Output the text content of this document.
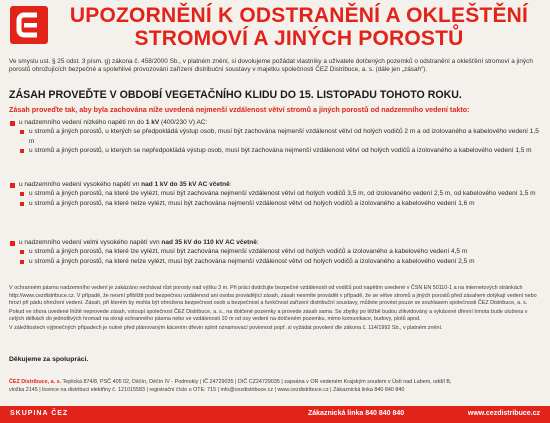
UPOZORNĚNÍ K ODSTRANĚNÍ A OKLEŠTĚNÍ
STROMOVÍ A JINÝCH POROSTŮ
Ve smyslu ust. § 25 odst. 3 písm. g) zákona č. 458/2000 Sb., v platném znění, si dovolujeme požádat vlastníky a uživatele dotčených pozemků o odstranění a oklešťění stromoví a jiných porostů ohrožujících bezpečné a spolehlivé provozování zařízení distribuční soustavy v majetku společnosti ČEZ Distribuce, a. s. (dále jen „zásah“).
ZÁSAH PROVEĎTE V OBDOBÍ VEGETAČNÍHO KLIDU DO 15. LISTOPADU TOHOTO ROKU.
Zásah proveďte tak, aby byla zachována níže uvedená nejmenší vzdálenost větví stromů a jiných porostů od nadzemního vedení takto:
u nadzemního vedení nízkého napětí nn do 1 kV (400/230 V) AC:
u stromů a jiných porostů, u kterých se předpokládá výstup osob, musí být zachována nejmenší vzdálenost větví od holých vodičů 2 m a od izolovaného a kabelového vedení 1,5 m
u stromů a jiných porostů, u kterých se nepředpokládá výstup osob, musí být zachována nejmenší vzdálenost větví od holých vodičů a izolovaného a kabelového vedení 1,5 m
u nadzemního vedení vysokého napětí vn nad 1 kV do 35 kV AC včetně:
u stromů a jiných porostů, na které lze vylézt, musí být zachována nejmenší vzdálenost větví od holých vodičů 3,5 m, od izolovaného vedení 2,5 m, od kabelového vedení 1,5 m
u stromů a jiných porostů, na které nelze vylézt, musí být zachována nejmenší vzdálenost větví od holých vodičů a izolovaného a kabelového vedení 1,6 m
u nadzemního vedení velmi vysokého napětí vvn nad 35 kV do 110 kV AC včetně:
u stromů a jiných porostů, na které lze vylézt, musí být zachována nejmenší vzdálenost větví od holých vodičů a izolovaného a kabelového vedení 4,5 m
u stromů a jiných porostů, na které nelze vylézt, musí být zachována nejmenší vzdálenost větví od holých vodičů a izolovaného a kabelového vedení 2,5 m

V ochranném pásmu nadzemního vedení je zakázáno nechávat růst porosty nad výšku 3 m. Při práci dodržujte bezpečné vzdálenosti od vodičů pod napětím uvedené v ČSN EN 50110-1 a na internetových stránkách http://www.cezdistribuce.cz. V případě, že nesmí přiblížit pod bezpečnou vzdálenost ani osoba provádějící zásah, zásah nesmíte provádět v případě, že se větve stromů a jiných porostů před zásahem dotýkají vedení nebo hrozí při pádu ohrožení vedení. Zásah, při kterém by mohla být ohrožena bezpečnost osob a bezpečnost a funkčnost zařízení distribuční soustavy, můžete provést pouze se souhlasem společnosti ČEZ Distribuce, a. s.

Pokud ve shora uvedené lhůtě neprovede zásah, vstoupí společnost ČEZ Distribuce, a. s., na dotčené pozemky a provede zásah sama. Se zbytky po těžbě budou zlikvidovány a vykácené dřevní hmota bude uložena v celých délkách do jednotlivých hromad na okraji ochranného pásma nebo ve vzdálenosti 10 m od osy vedení na dotčeném pozemku, mimo komunikace, budovy, plotů apod.

V záležitostech výjimečných případech je nutné před plánovaným kácením dřevin splnit oznamovací povinnost popř. si vyžádat povolení dle zákona č. 114/1992 Sb., v platném znění.

Děkujeme za spolupráci.
ČEZ Distribuce, a. s. Teplická 874/8, PSČ 405 02, Děčín, Děčín IV - Podmokly | IČ 24729035 | DIČ CZ24729035 | zapsána v OR vedeném Krajským soudem v Ústí nad Labem, oddíl B,
vložka 2145 | licence na distribuci elektřiny č. 121015583 | registrační číslo u OTE: 715 | info@cezdistribuce.cz | www.cezdistribuce.cz | Zákaznická linka 840 840 840
SKUPINA ČEZ	Zákaznická linka 840 840 840	www.cezdistribuce.cz
